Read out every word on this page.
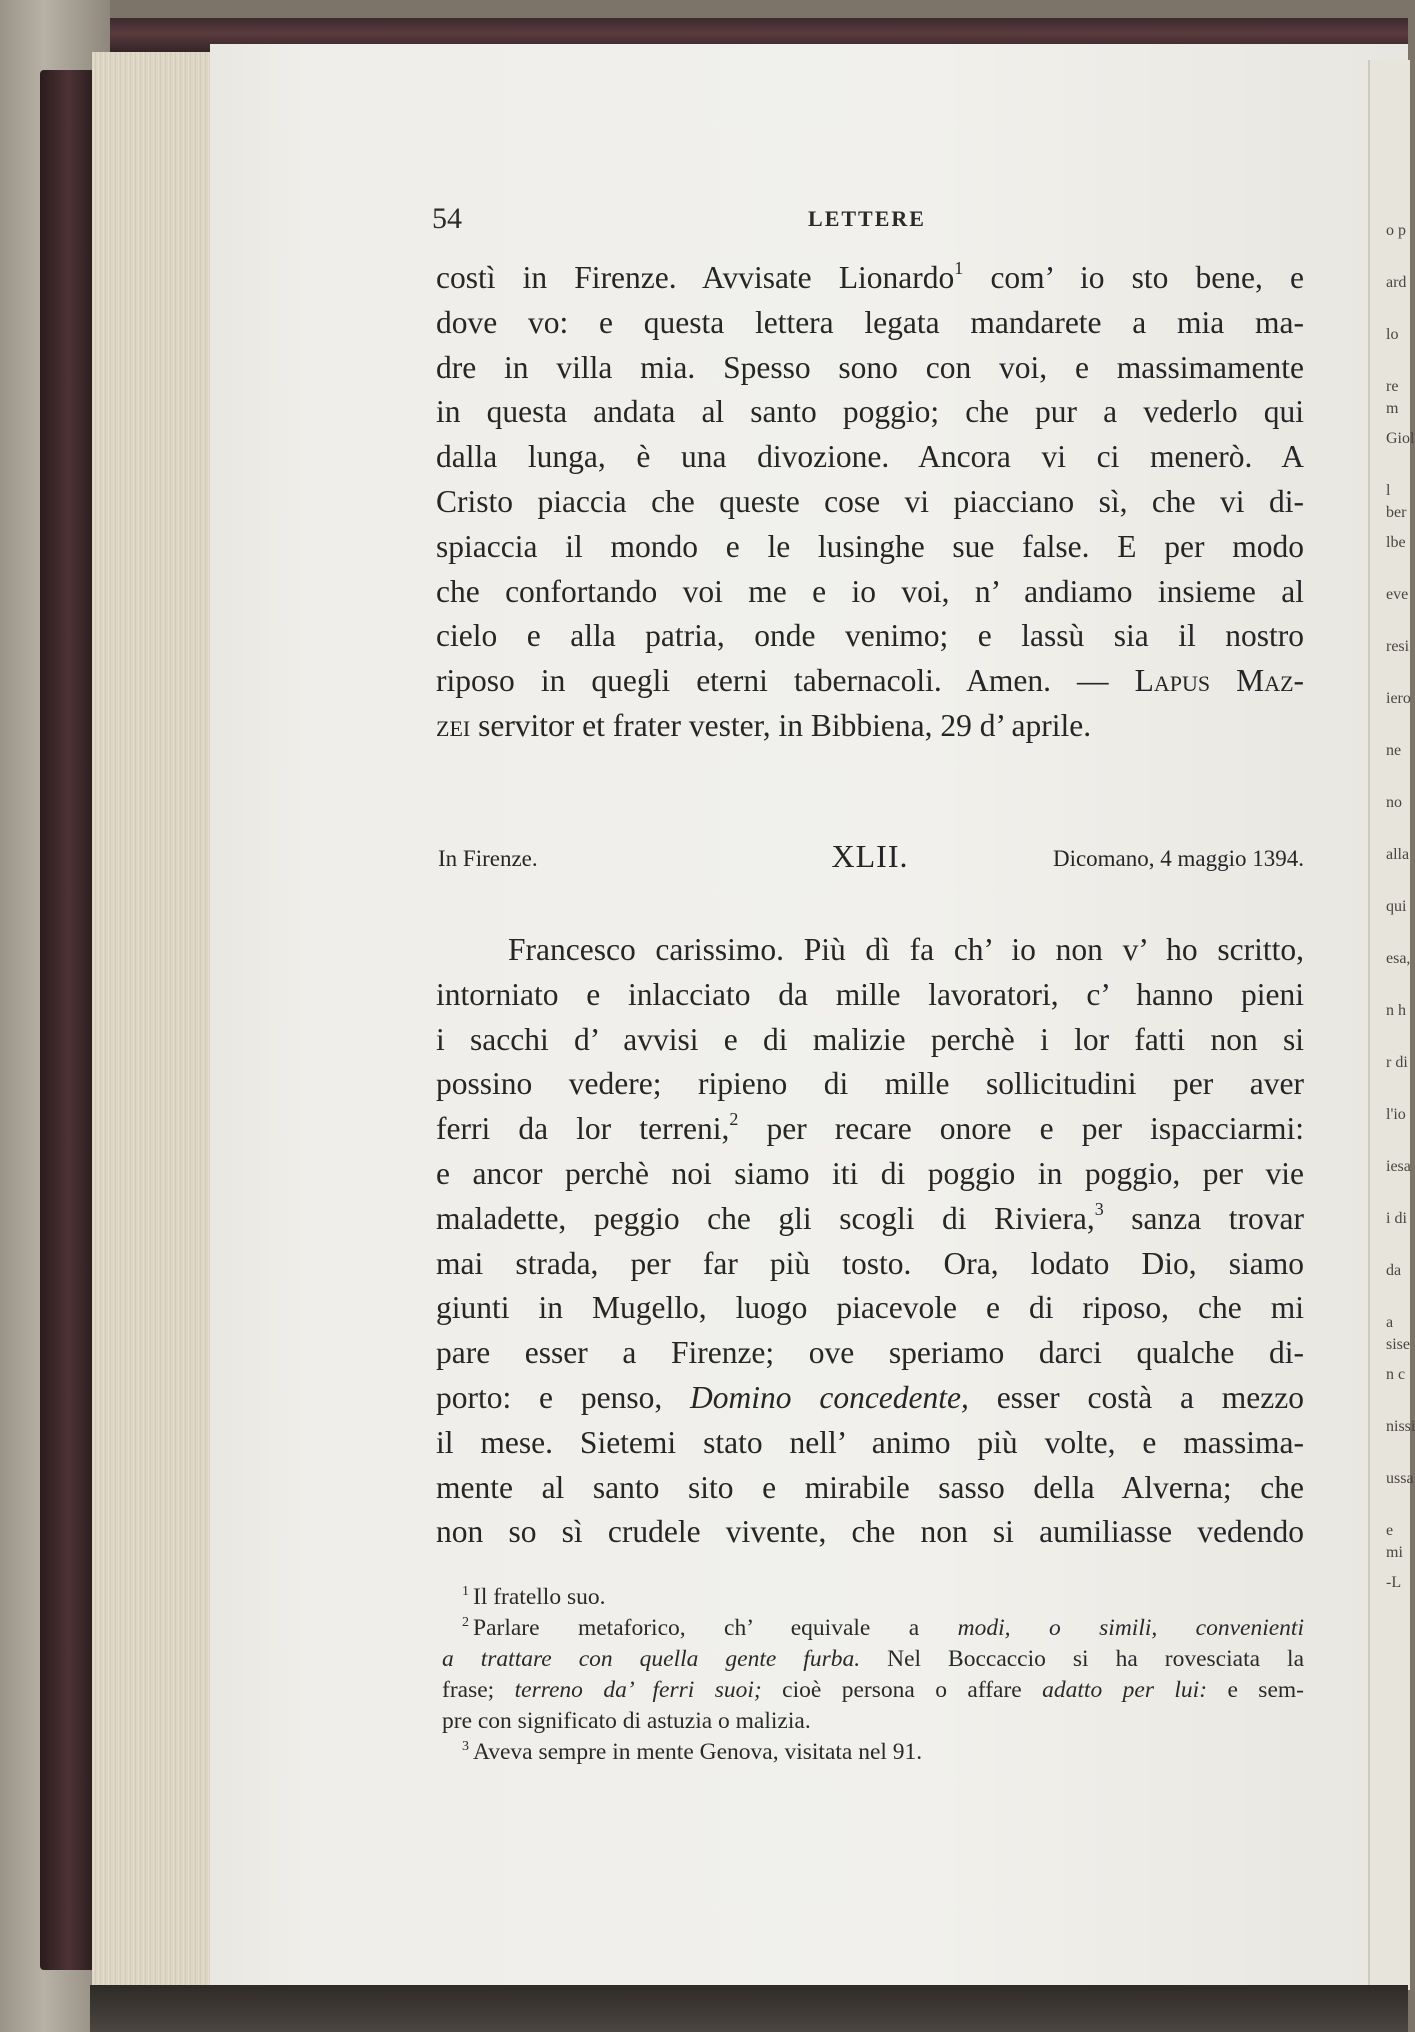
o p
ard
lo
re m
Giol
l ber
lbe
eve
resi
iero
ne
no
alla
qui
esa,
n h
r di
l'io
iesa
i di
da
a sise
n c
nissi
ussa
e mi
-L
54	LETTERE
costì in Firenze. Avvisate Lionardo$^1$ com’ io sto bene, e
dove vo: e questa lettera legata mandarete a mia ma-
dre in villa mia. Spesso sono con voi, e massimamente
in questa andata al santo poggio; che pur a vederlo qui
dalla lunga, è una divozione. Ancora vi ci menerò. A
Cristo piaccia che queste cose vi piacciano sì, che vi di-
spiaccia il mondo e le lusinghe sue false. E per modo
che confortando voi me e io voi, n’ andiamo insieme al
cielo e alla patria, onde venimo; e lassù sia il nostro
riposo in quegli eterni tabernacoli. Amen. — Lapus Maz-
zei servitor et frater vester, in Bibbiena, 29 d’ aprile.
In Firenze.	XLII.	Dicomano, 4 maggio 1394.
Francesco carissimo. Più dì fa ch’ io non v’ ho scritto,
intorniato e inlacciato da mille lavoratori, c’ hanno pieni
i sacchi d’ avvisi e di malizie perchè i lor fatti non si
possino vedere; ripieno di mille sollicitudini per aver
ferri da lor terreni,$^2$ per recare onore e per ispacciarmi:
e ancor perchè noi siamo iti di poggio in poggio, per vie
maladette, peggio che gli scogli di Riviera,$^3$ sanza trovar
mai strada, per far più tosto. Ora, lodato Dio, siamo
giunti in Mugello, luogo piacevole e di riposo, che mi
pare esser a Firenze; ove speriamo darci qualche di-
porto: e penso, Domino concedente, esser costà a mezzo
il mese. Sietemi stato nell’ animo più volte, e massima-
mente al santo sito e mirabile sasso della Alverna; che
non so sì crudele vivente, che non si aumiliasse vedendo
$^1$ Il fratello suo.
$^2$ Parlare metaforico, ch’ equivale a modi, o simili, convenienti
a trattare con quella gente furba. Nel Boccaccio si ha rovesciata la
frase; terreno da’ ferri suoi; cioè persona o affare adatto per lui: e sem-
pre con significato di astuzia o malizia.
$^3$ Aveva sempre in mente Genova, visitata nel 91.
